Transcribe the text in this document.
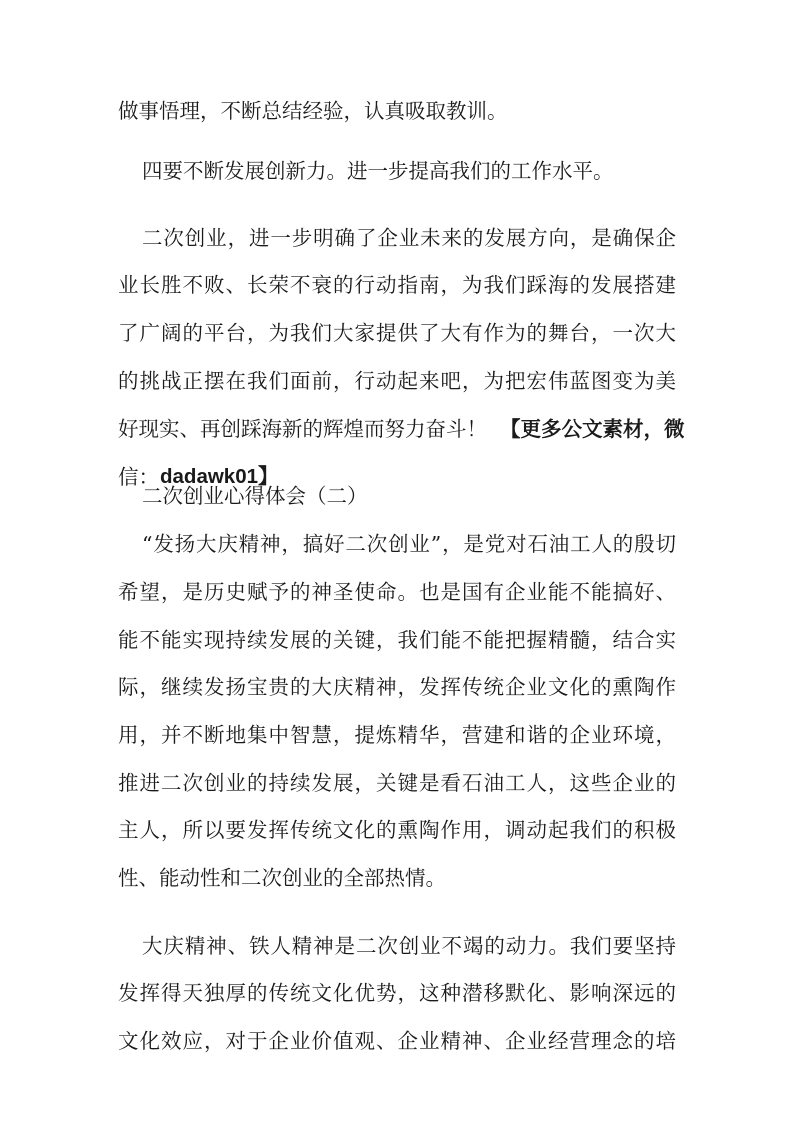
做事悟理，不断总结经验，认真吸取教训。
四要不断发展创新力。进一步提高我们的工作水平。
二次创业，进一步明确了企业未来的发展方向，是确保企
业长胜不败、长荣不衰的行动指南，为我们踩海的发展搭建
了广阔的平台，为我们大家提供了大有作为的舞台，一次大
的挑战正摆在我们面前，行动起来吧，为把宏伟蓝图变为美
好现实、再创踩海新的辉煌而努力奋斗！ 【更多公文素材，微
信： dadawk01】
二次创业心得体会（二）
“发扬大庆精神，搞好二次创业”，是党对石油工人的殷切
希望，是历史赋予的神圣使命。也是国有企业能不能搞好、
能不能实现持续发展的关键，我们能不能把握精髓，结合实
际，继续发扬宝贵的大庆精神，发挥传统企业文化的熏陶作
用，并不断地集中智慧，提炼精华，营建和谐的企业环境，
推进二次创业的持续发展，关键是看石油工人，这些企业的
主人，所以要发挥传统文化的熏陶作用，调动起我们的积极
性、能动性和二次创业的全部热情。
大庆精神、铁人精神是二次创业不竭的动力。我们要坚持
发挥得天独厚的传统文化优势，这种潜移默化、影响深远的
文化效应，对于企业价值观、企业精神、企业经营理念的培
